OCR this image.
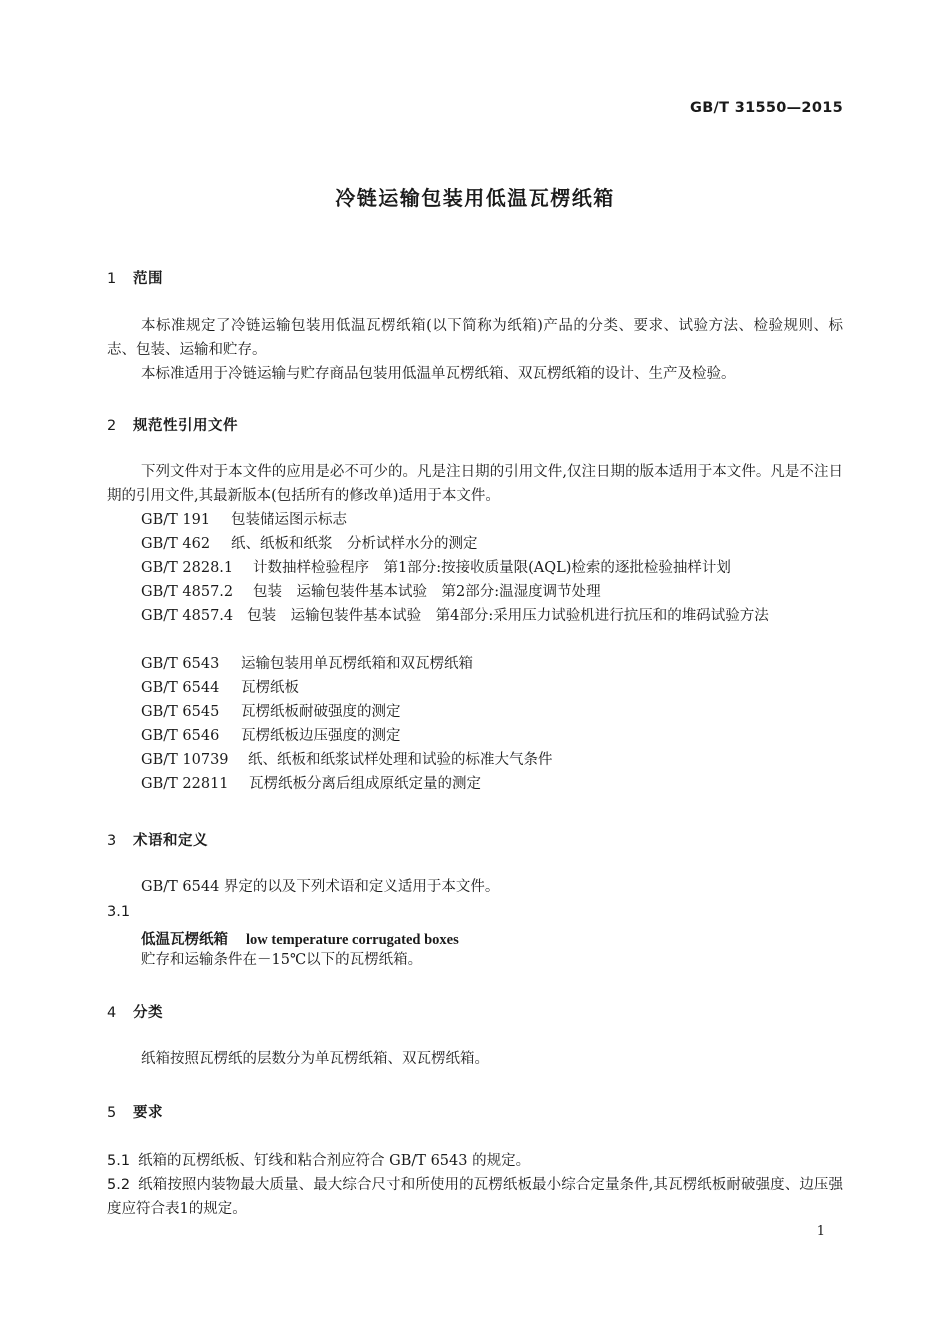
GB/T 31550—2015
冷链运输包装用低温瓦楞纸箱
1 范围
本标准规定了冷链运输包装用低温瓦楞纸箱(以下简称为纸箱)产品的分类、要求、试验方法、检验规则、标志、包装、运输和贮存。
本标准适用于冷链运输与贮存商品包装用低温单瓦楞纸箱、双瓦楞纸箱的设计、生产及检验。
2 规范性引用文件
下列文件对于本文件的应用是必不可少的。凡是注日期的引用文件,仅注日期的版本适用于本文件。凡是不注日期的引用文件,其最新版本(包括所有的修改单)适用于本文件。
GB/T 191 包装储运图示标志
GB/T 462 纸、纸板和纸浆　分析试样水分的测定
GB/T 2828.1 计数抽样检验程序　第1部分:按接收质量限(AQL)检索的逐批检验抽样计划
GB/T 4857.2 包装　运输包装件基本试验　第2部分:温湿度调节处理
GB/T 4857.4 包装　运输包装件基本试验　第4部分:采用压力试验机进行抗压和的堆码试验方法
GB/T 6543 运输包装用单瓦楞纸箱和双瓦楞纸箱
GB/T 6544 瓦楞纸板
GB/T 6545 瓦楞纸板耐破强度的测定
GB/T 6546 瓦楞纸板边压强度的测定
GB/T 10739 纸、纸板和纸浆试样处理和试验的标准大气条件
GB/T 22811 瓦楞纸板分离后组成原纸定量的测定
3 术语和定义
GB/T 6544 界定的以及下列术语和定义适用于本文件。
3.1
低温瓦楞纸箱 low temperature corrugated boxes
贮存和运输条件在－15℃以下的瓦楞纸箱。
4 分类
纸箱按照瓦楞纸的层数分为单瓦楞纸箱、双瓦楞纸箱。
5 要求
5.1 纸箱的瓦楞纸板、钉线和粘合剂应符合 GB/T 6543 的规定。
5.2 纸箱按照内装物最大质量、最大综合尺寸和所使用的瓦楞纸板最小综合定量条件,其瓦楞纸板耐破强度、边压强度应符合表1的规定。
1
